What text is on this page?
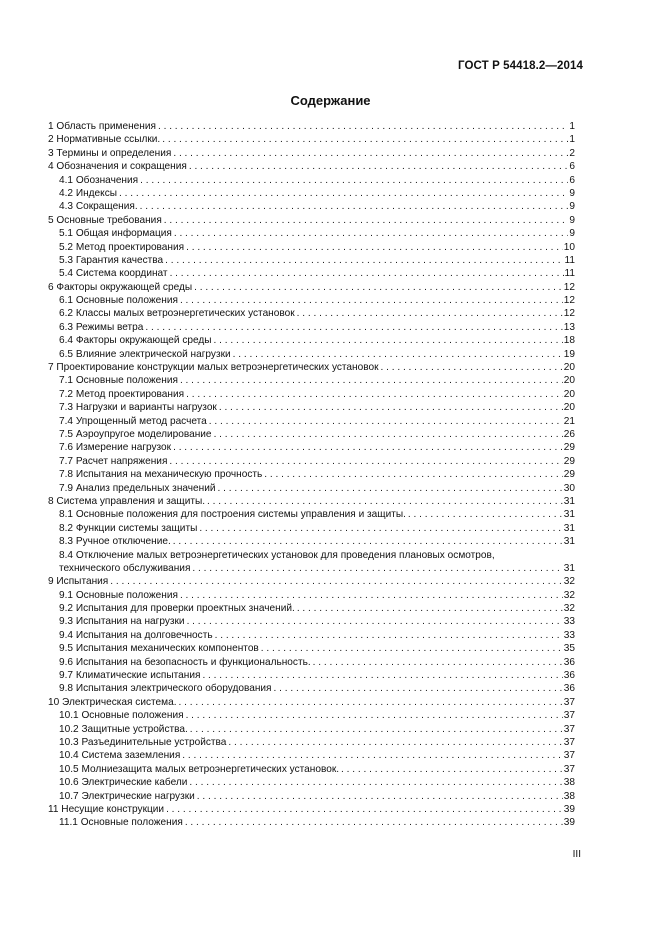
ГОСТ Р 54418.2—2014
Содержание
1 Область применения . . .	1
2 Нормативные ссылки. . . .	1
3 Термины и определения . . .	2
4 Обозначения и сокращения . . .	6
4.1 Обозначения . . .	6
4.2 Индексы . . .	9
4.3 Сокращения. . . .	9
5 Основные требования . . .	9
5.1 Общая информация . . .	9
5.2 Метод проектирования . . .	10
5.3 Гарантия качества . . .	11
5.4 Система координат . . .	11
6 Факторы окружающей среды . . .	12
6.1 Основные положения . . .	12
6.2 Классы малых ветроэнергетических установок . . .	12
6.3 Режимы ветра . . .	13
6.4 Факторы окружающей среды . . .	18
6.5 Влияние электрической нагрузки . . .	19
7 Проектирование конструкции малых ветроэнергетических установок . . .	20
7.1 Основные положения . . .	20
7.2 Метод проектирования . . .	20
7.3 Нагрузки и варианты нагрузок . . .	20
7.4 Упрощенный метод расчета . . .	21
7.5 Аэроупругое моделирование . . .	26
7.6 Измерение нагрузок . . .	29
7.7 Расчет напряжения . . .	29
7.8 Испытания на механическую прочность . . .	29
7.9 Анализ предельных значений . . .	30
8 Система управления и защиты. . . .	31
8.1 Основные положения для построения системы управления и защиты. . . .	31
8.2 Функции системы защиты . . .	31
8.3 Ручное отключение. . . .	31
8.4 Отключение малых ветроэнергетических установок для проведения плановых осмотров,
технического обслуживания . . .	31
9 Испытания . . .	32
9.1 Основные положения . . .	32
9.2 Испытания для проверки проектных значений. . . .	32
9.3 Испытания на нагрузки . . .	33
9.4 Испытания на долговечность . . .	33
9.5 Испытания механических компонентов . . .	35
9.6 Испытания на безопасность и функциональность. . . .	36
9.7 Климатические испытания . . .	36
9.8 Испытания электрического оборудования . . .	36
10 Электрическая система. . . .	37
10.1 Основные положения . . .	37
10.2 Защитные устройства. . . .	37
10.3 Разъединительные устройства . . .	37
10.4 Система заземления . . .	37
10.5 Молниезащита малых ветроэнергетических установок. . . .	37
10.6 Электрические кабели . . .	38
10.7 Электрические нагрузки . . .	38
11 Несущие конструкции . . .	39
11.1 Основные положения . . .	39
III
